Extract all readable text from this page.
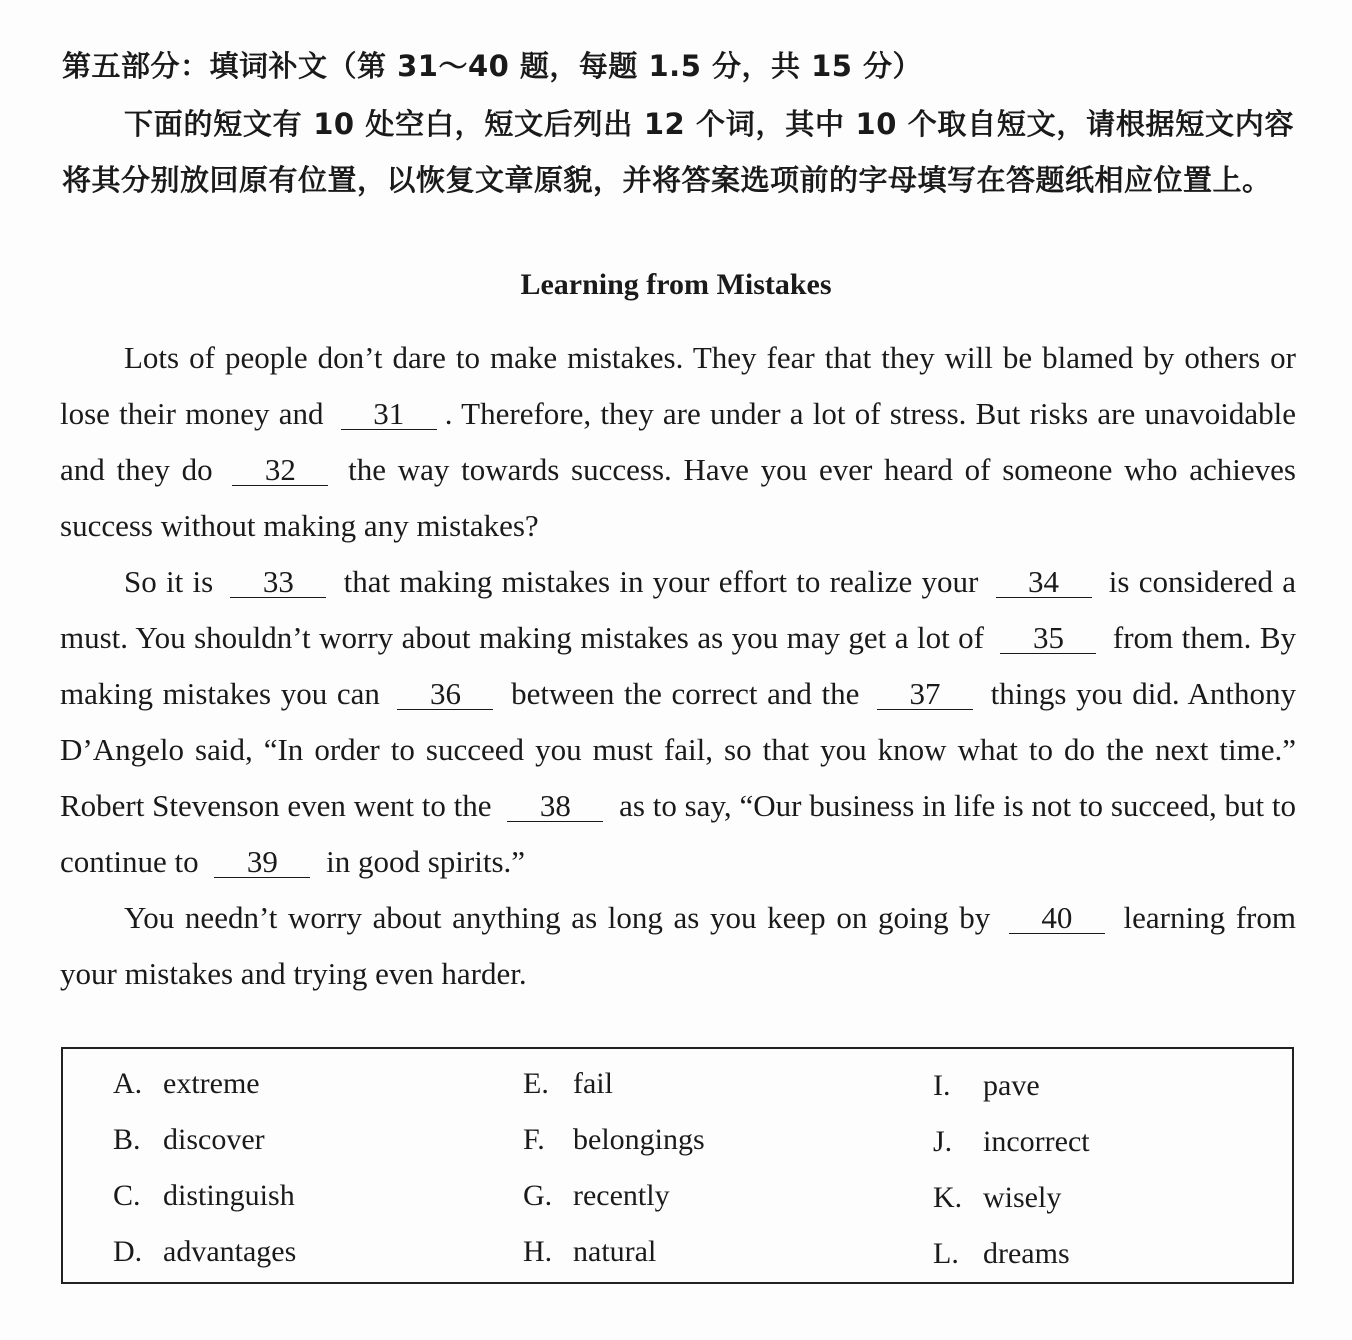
第五部分：填词补文（第 31～40 题，每题 1.5 分，共 15 分）
下面的短文有 10 处空白，短文后列出 12 个词，其中 10 个取自短文，请根据短文内容将其分别放回原有位置，以恢复文章原貌，并将答案选项前的字母填写在答题纸相应位置上。
Learning from Mistakes

Lots of people don’t dare to make mistakes. They fear that they will be blamed by others or lose their money and 31 . Therefore, they are under a lot of stress. But risks are unavoidable and they do 32 the way towards success. Have you ever heard of someone who achieves success without making any mistakes?

So it is 33 that making mistakes in your effort to realize your 34 is considered a must. You shouldn’t worry about making mistakes as you may get a lot of 35 from them. By making mistakes you can 36 between the correct and the 37 things you did. Anthony D’Angelo said, “In order to succeed you must fail, so that you know what to do the next time.” Robert Stevenson even went to the 38 as to say, “Our business in life is not to succeed, but to continue to 39 in good spirits.”

You needn’t worry about anything as long as you keep on going by 40 learning from your mistakes and trying even harder.

A. extreme
B. discover
C. distinguish
D. advantages
E. fail
F. belongings
G. recently
H. natural
I. pave
J. incorrect
K. wisely
L. dreams
